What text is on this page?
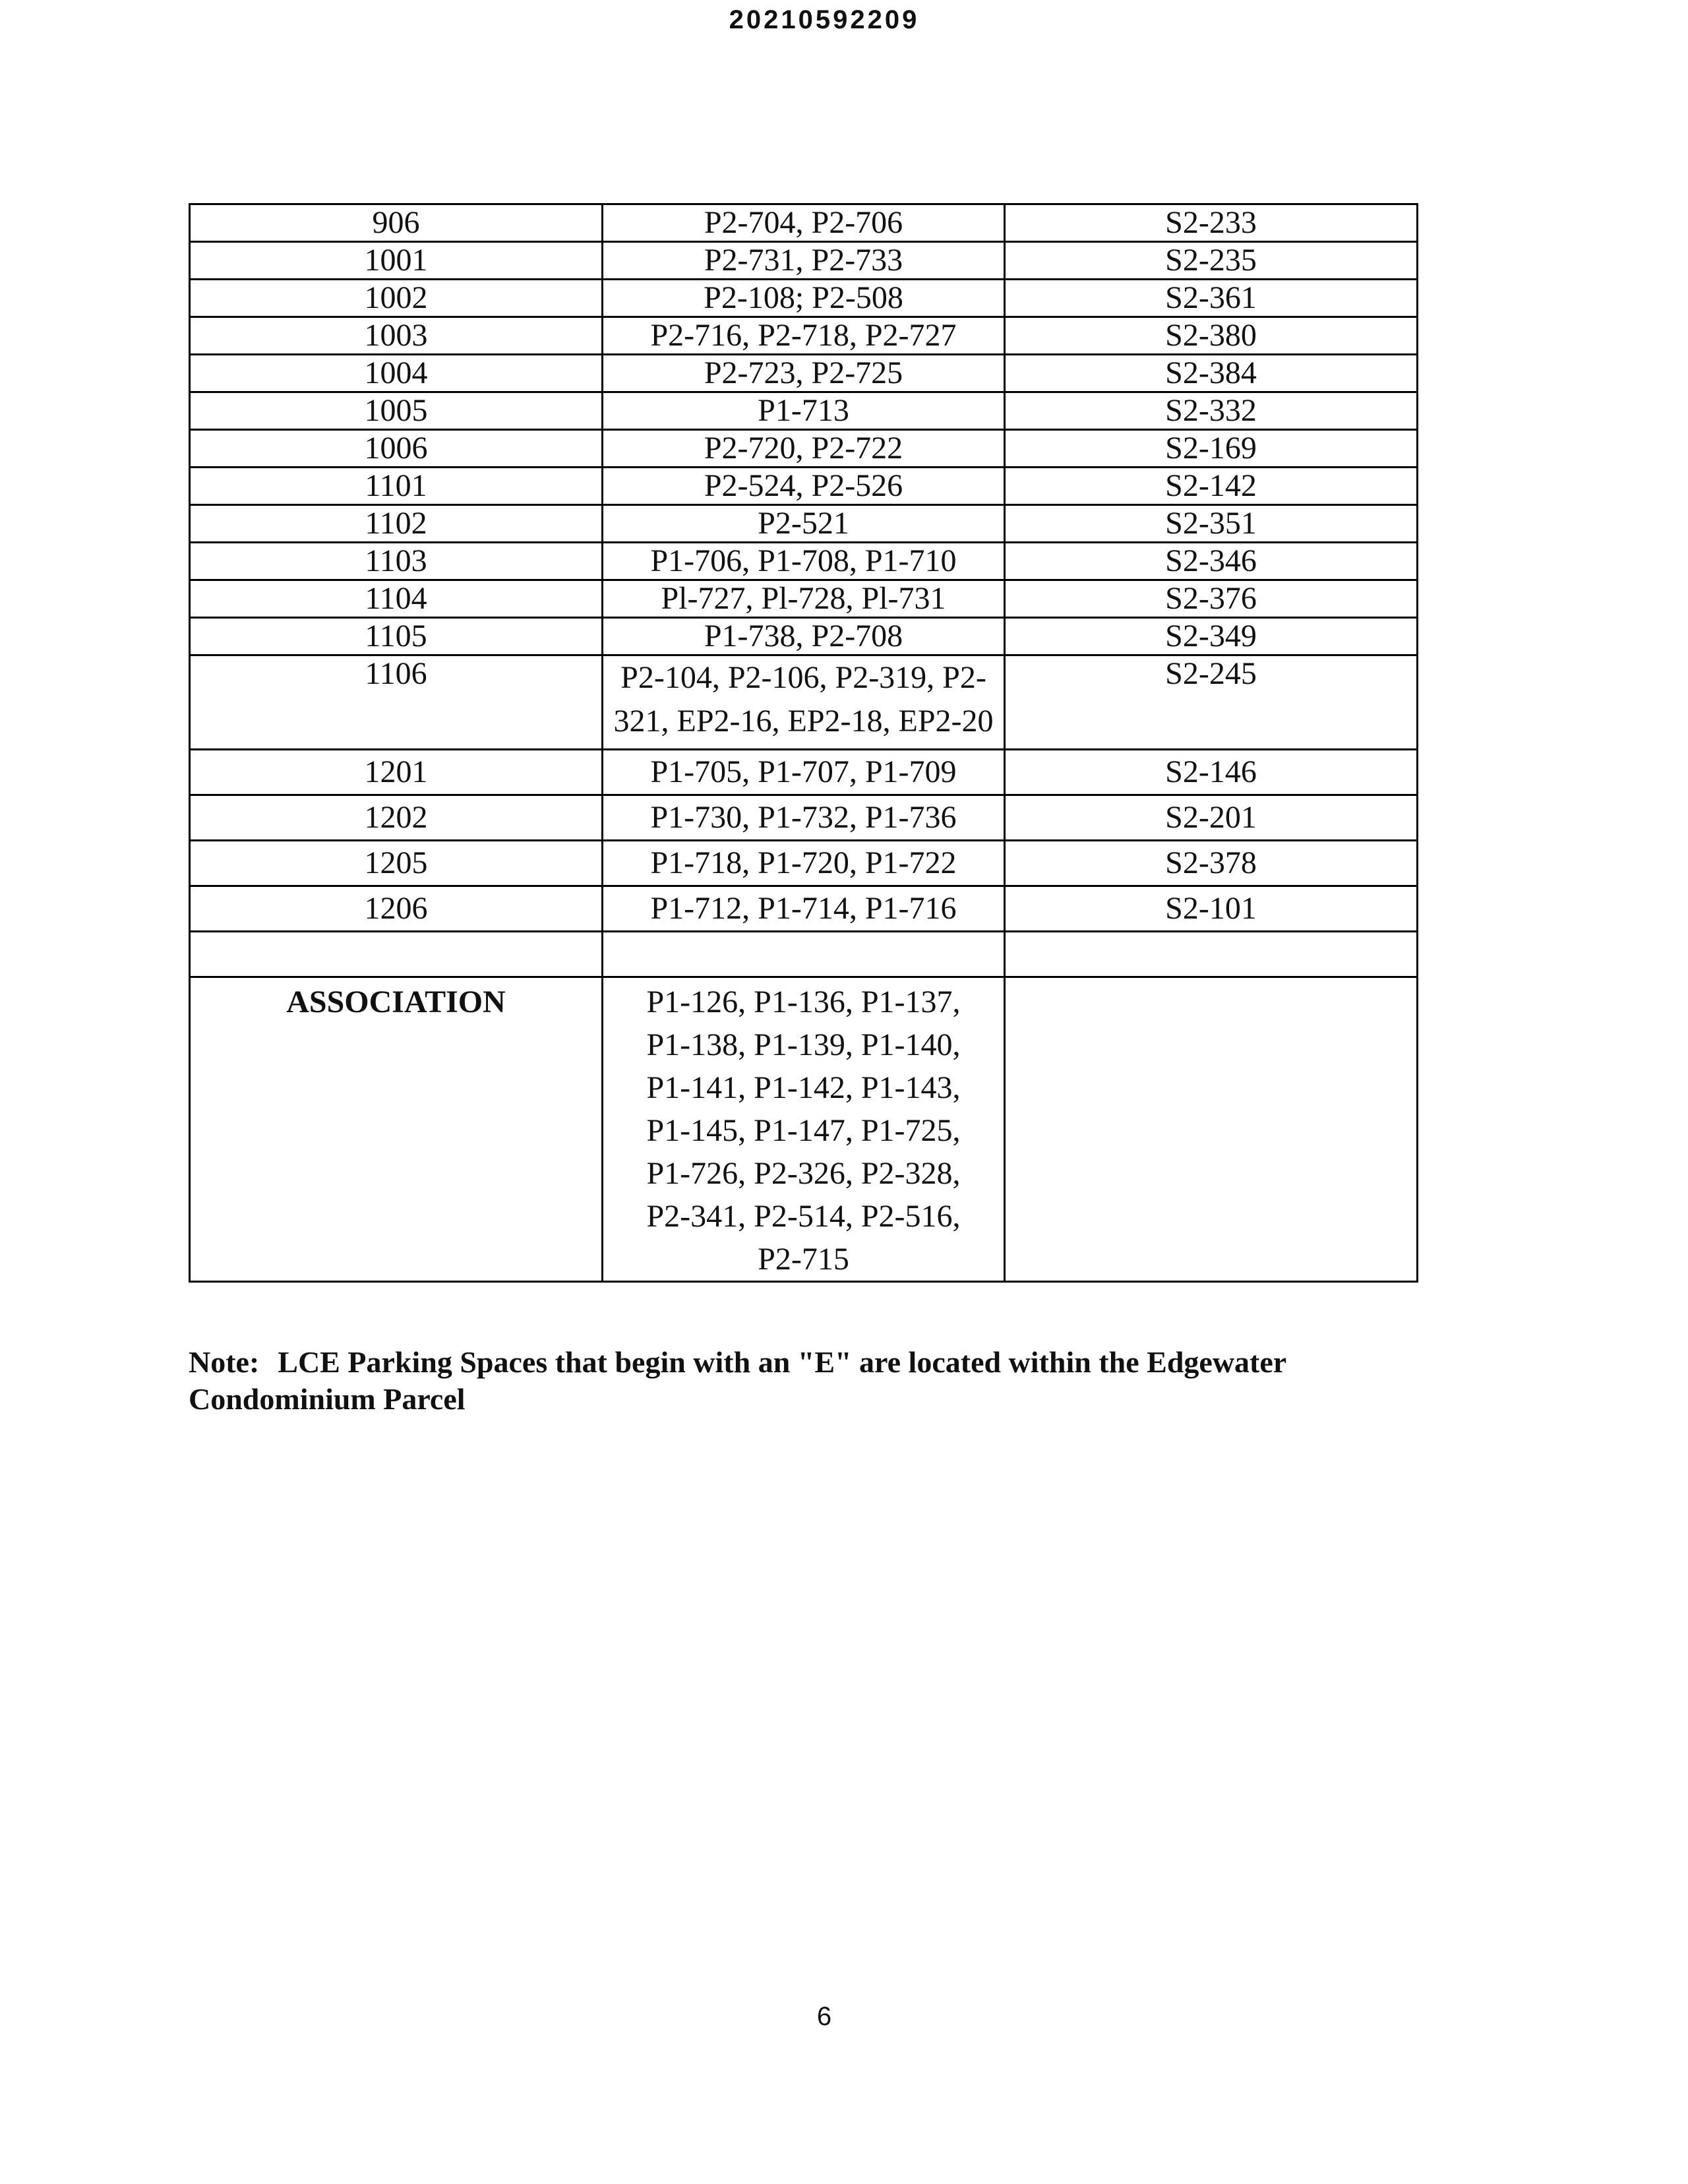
20210592209
906	P2-704, P2-706	S2-233
1001	P2-731, P2-733	S2-235
1002	P2-108; P2-508	S2-361
1003	P2-716, P2-718, P2-727	S2-380
1004	P2-723, P2-725	S2-384
1005	P1-713	S2-332
1006	P2-720, P2-722	S2-169
1101	P2-524, P2-526	S2-142
1102	P2-521	S2-351
1103	P1-706, P1-708, P1-710	S2-346
1104	Pl-727, Pl-728, Pl-731	S2-376
1105	P1-738, P2-708	S2-349
1106	P2-104, P2-106, P2-319, P2-321, EP2-16, EP2-18, EP2-20	S2-245
1201	P1-705, P1-707, P1-709	S2-146
1202	P1-730, P1-732, P1-736	S2-201
1205	P1-718, P1-720, P1-722	S2-378
1206	P1-712, P1-714, P1-716	S2-101

ASSOCIATION	P1-126, P1-136, P1-137, P1-138, P1-139, P1-140, P1-141, P1-142, P1-143, P1-145, P1-147, P1-725, P1-726, P2-326, P2-328, P2-341, P2-514, P2-516, P2-715	
Note: LCE Parking Spaces that begin with an "E" are located within the Edgewater Condominium Parcel
6
